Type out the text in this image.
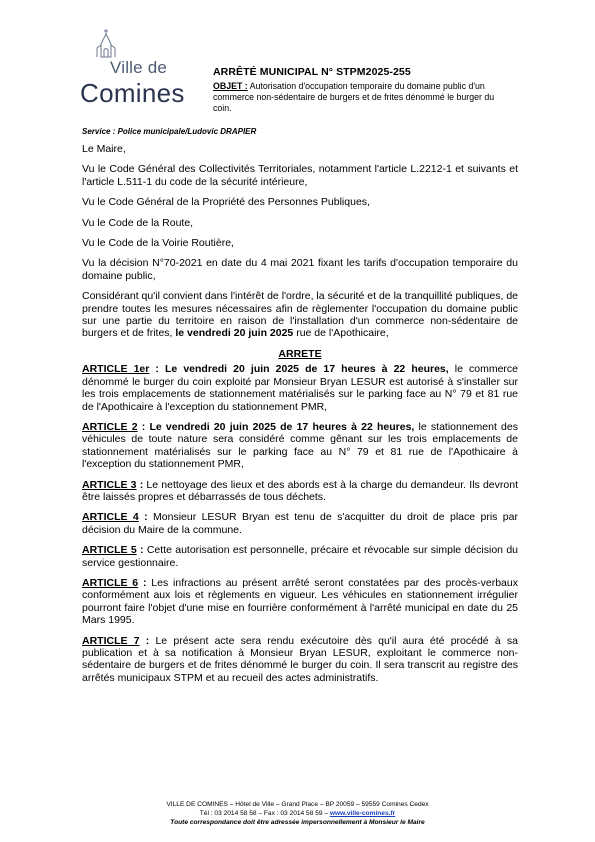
Ville de
Comines

ARRÊTÉ MUNICIPAL N° STPM2025-255

OBJET : Autorisation d'occupation temporaire du domaine public d'un commerce non-sédentaire de burgers et de frites dénommé le burger du coin.

Service : Police municipale/Ludovic DRAPIER

Le Maire,

Vu le Code Général des Collectivités Territoriales, notamment l'article L.2212-1 et suivants et l'article L.511-1 du code de la sécurité intérieure,

Vu le Code Général de la Propriété des Personnes Publiques,

Vu le Code de la Route,

Vu le Code de la Voirie Routière,

Vu la décision N°70-2021 en date du 4 mai 2021 fixant les tarifs d'occupation temporaire du domaine public,

Considérant qu'il convient dans l'intérêt de l'ordre, la sécurité et de la tranquillité publiques, de prendre toutes les mesures nécessaires afin de règlementer l'occupation du domaine public sur une partie du territoire en raison de l'installation d'un commerce non-sédentaire de burgers et de frites, le vendredi 20 juin 2025 rue de l'Apothicaire,

ARRETE

ARTICLE 1er : Le vendredi 20 juin 2025 de 17 heures à 22 heures, le commerce dénommé le burger du coin exploité par Monsieur Bryan LESUR est autorisé à s'installer sur les trois emplacements de stationnement matérialisés sur le parking face au N° 79 et 81 rue de l'Apothicaire à l'exception du stationnement PMR,

ARTICLE 2 : Le vendredi 20 juin 2025 de 17 heures à 22 heures, le stationnement des véhicules de toute nature sera considéré comme gênant sur les trois emplacements de stationnement matérialisés sur le parking face au N° 79 et 81 rue de l'Apothicaire à l'exception du stationnement PMR,

ARTICLE 3 : Le nettoyage des lieux et des abords est à la charge du demandeur. Ils devront être laissés propres et débarrassés de tous déchets.

ARTICLE 4 : Monsieur LESUR Bryan est tenu de s'acquitter du droit de place pris par décision du Maire de la commune.

ARTICLE 5 : Cette autorisation est personnelle, précaire et révocable sur simple décision du service gestionnaire.

ARTICLE 6 : Les infractions au présent arrêté seront constatées par des procès-verbaux conformément aux lois et règlements en vigueur. Les véhicules en stationnement irrégulier pourront faire l'objet d'une mise en fourrière conformément à l'arrêté municipal en date du 25 Mars 1995.

ARTICLE 7 : Le présent acte sera rendu exécutoire dès qu'il aura été procédé à sa publication et à sa notification à Monsieur Bryan LESUR, exploitant le commerce non-sédentaire de burgers et de frites dénommé le burger du coin. Il sera transcrit au registre des arrêtés municipaux STPM et au recueil des actes administratifs.

VILLE DE COMINES – Hôtel de Ville – Grand Place – BP 20059 – 59559 Comines Cedex
Tél : 03 2014 58 58 – Fax : 03 2014 58 59 – www.ville-comines.fr
Toute correspondance doit être adressée impersonnellement à Monsieur le Maire
